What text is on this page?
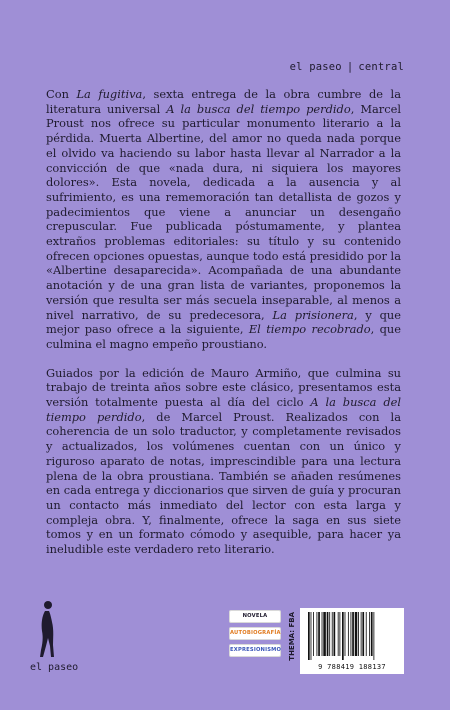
el paseo | central

Con La fugitiva, sexta entrega de la obra cumbre de la literatura universal A la busca del tiempo perdido, Marcel Proust nos ofrece su particular monumento literario a la pérdida. Muerta Albertine, del amor no queda nada porque el olvido va haciendo su labor hasta llevar al Narrador a la convicción de que «nada dura, ni siquiera los mayores dolores». Esta novela, dedicada a la ausencia y al sufrimiento, es una rememoración tan detallista de gozos y padecimientos que viene a anunciar un desengaño crepuscular. Fue publicada póstumamente, y plantea extraños problemas editoriales: su título y su contenido ofrecen opciones opuestas, aunque todo está presidido por la «Albertine desaparecida». Acompañada de una abundante anotación y de una gran lista de variantes, proponemos la versión que resulta ser más secuela inseparable, al menos a nivel narrativo, de su predecesora, La prisionera, y que mejor paso ofrece a la siguiente, El tiempo recobrado, que culmina el magno empeño proustiano.

Guiados por la edición de Mauro Armiño, que culmina su trabajo de treinta años sobre este clásico, presentamos esta versión totalmente puesta al día del ciclo A la busca del tiempo perdido, de Marcel Proust. Realizados con la coherencia de un solo traductor, y completamente revisados y actualizados, los volúmenes cuentan con un único y riguroso aparato de notas, imprescindible para una lectura plena de la obra proustiana. También se añaden resúmenes en cada entrega y diccionarios que sirven de guía y procuran un contacto más inmediato del lector con esta larga y compleja obra. Y, finalmente, ofrece la saga en sus siete tomos y en un formato cómodo y asequible, para hacer ya ineludible este verdadero reto literario.

el paseo
NOVELA
AUTOBIOGRAFÍA
EXPRESIONISMO THEMA: FBA
9 788419 188137
